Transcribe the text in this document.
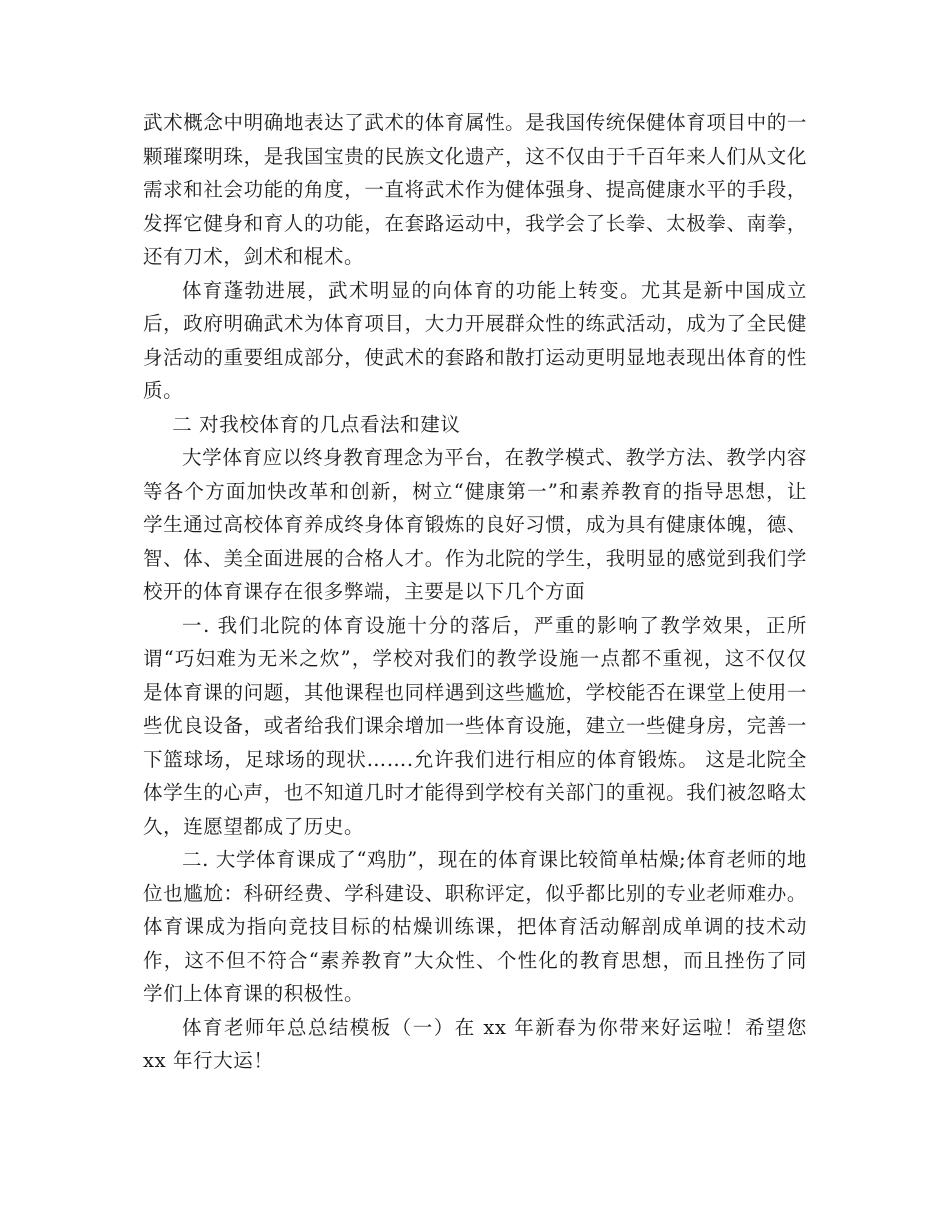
武术概念中明确地表达了武术的体育属性。是我国传统保健体育项目中的一颗璀璨明珠，是我国宝贵的民族文化遗产，这不仅由于千百年来人们从文化需求和社会功能的角度，一直将武术作为健体强身、提高健康水平的手段，发挥它健身和育人的功能，在套路运动中，我学会了长拳、太极拳、南拳，还有刀术，剑术和棍术。

体育蓬勃进展，武术明显的向体育的功能上转变。尤其是新中国成立后，政府明确武术为体育项目，大力开展群众性的练武活动，成为了全民健身活动的重要组成部分，使武术的套路和散打运动更明显地表现出体育的性质。

二 对我校体育的几点看法和建议

大学体育应以终身教育理念为平台，在教学模式、教学方法、教学内容等各个方面加快改革和创新，树立“健康第一”和素养教育的指导思想，让学生通过高校体育养成终身体育锻炼的良好习惯，成为具有健康体魄，德、智、体、美全面进展的合格人才。作为北院的学生，我明显的感觉到我们学校开的体育课存在很多弊端，主要是以下几个方面

一. 我们北院的体育设施十分的落后，严重的影响了教学效果，正所谓“巧妇难为无米之炊”，学校对我们的教学设施一点都不重视，这不仅仅是体育课的问题，其他课程也同样遇到这些尴尬，学校能否在课堂上使用一些优良设备，或者给我们课余增加一些体育设施，建立一些健身房，完善一下篮球场，足球场的现状…….允许我们进行相应的体育锻炼。 这是北院全体学生的心声，也不知道几时才能得到学校有关部门的重视。我们被忽略太久，连愿望都成了历史。

二. 大学体育课成了“鸡肋”，现在的体育课比较简单枯燥;体育老师的地位也尴尬：科研经费、学科建设、职称评定，似乎都比别的专业老师难办。体育课成为指向竞技目标的枯燥训练课，把体育活动解剖成单调的技术动作，这不但不符合“素养教育”大众性、个性化的教育思想，而且挫伤了同学们上体育课的积极性。

体育老师年总总结模板（一）在 xx 年新春为你带来好运啦！希望您 xx 年行大运！
